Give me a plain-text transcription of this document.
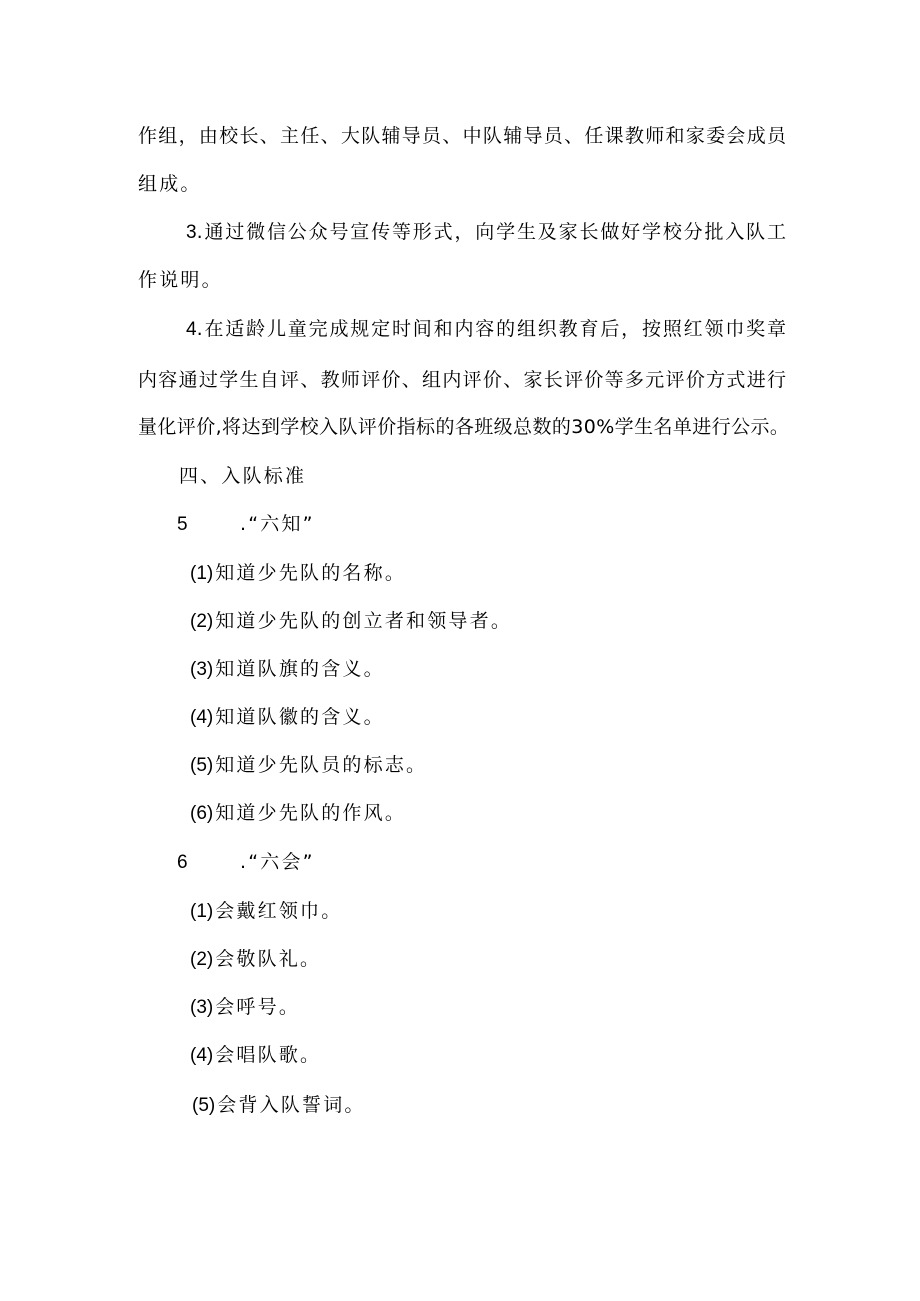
作组，由校长、主任、大队辅导员、中队辅导员、任课教师和家委会成员
组成。
3.通过微信公众号宣传等形式，向学生及家长做好学校分批入队工
作说明。
4.在适龄儿童完成规定时间和内容的组织教育后，按照红领巾奖章
内容通过学生自评、教师评价、组内评价、家长评价等多元评价方式进行
量化评价,将达到学校入队评价指标的各班级总数的30%学生名单进行公示。
四、入队标准
5	.“六知”
(1) 知道少先队的名称。
(2) 知道少先队的创立者和领导者。
(3) 知道队旗的含义。
(4) 知道队徽的含义。
(5) 知道少先队员的标志。
(6) 知道少先队的作风。
6	.“六会”
(1) 会戴红领巾。
(2) 会敬队礼。
(3) 会呼号。
(4) 会唱队歌。
(5) 会背入队誓词。
